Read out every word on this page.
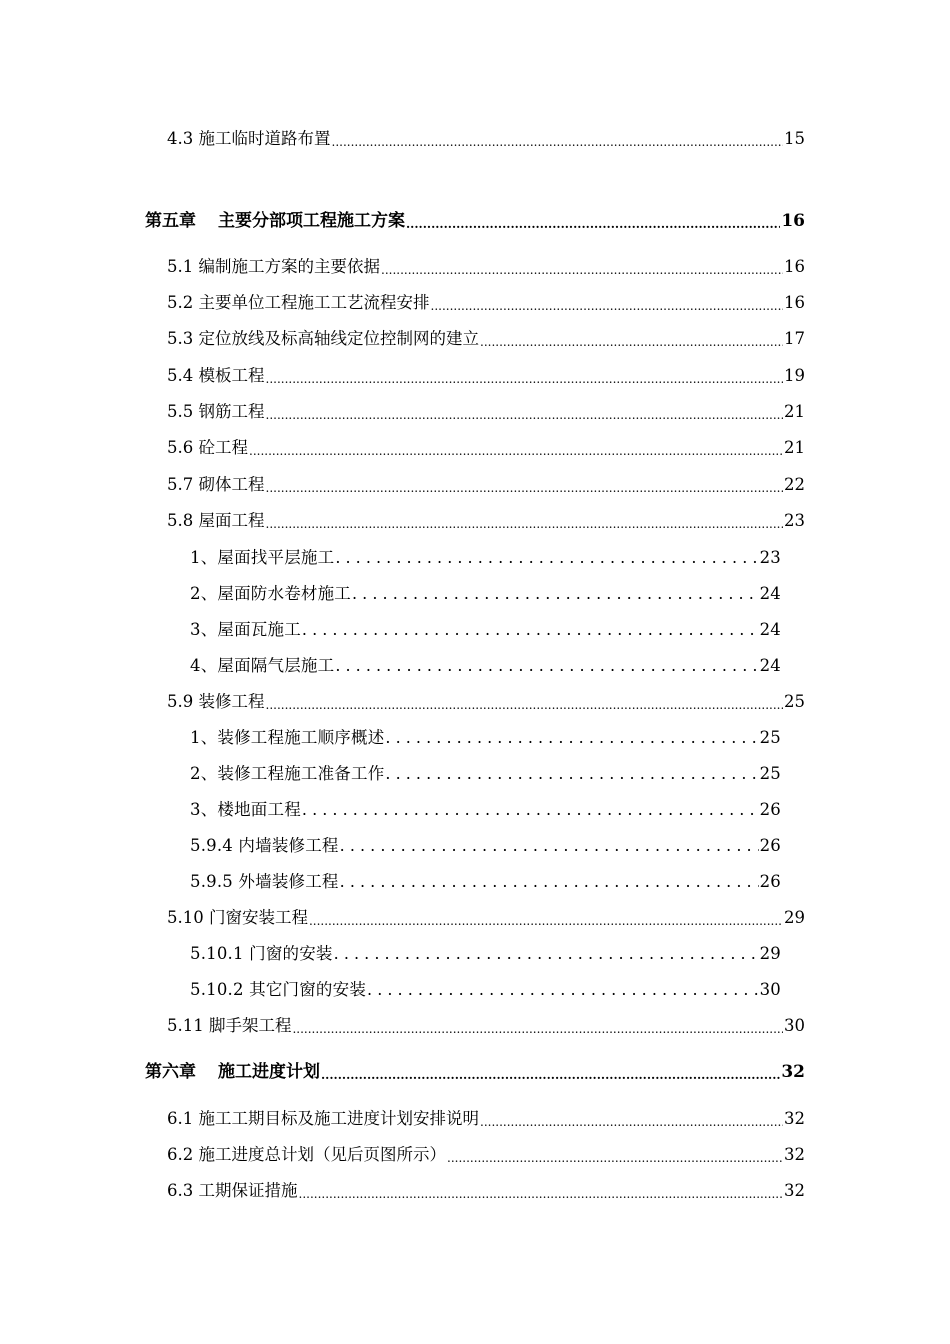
4.3 施工临时道路布置 .....	15
第五章 主要分部项工程施工方案 .....	16
5.1 编制施工方案的主要依据 .....	16
5.2 主要单位工程施工工艺流程安排 .....	16
5.3 定位放线及标高轴线定位控制网的建立 .....	17
5.4 模板工程 .....	19
5.5 钢筋工程 .....	21
5.6 砼工程 .....	21
5.7 砌体工程 .....	22
5.8 屋面工程 .....	23
1、屋面找平层施工 . . .	23
2、屋面防水卷材施工 . . .	24
3、屋面瓦施工 . . .	24
4、屋面隔气层施工 . . .	24
5.9 装修工程 .....	25
1、装修工程施工顺序概述 . . .	25
2、装修工程施工准备工作 . . .	25
3、楼地面工程 . . .	26
5.9.4 内墙装修工程 . . .	26
5.9.5 外墙装修工程 . . .	26
5.10 门窗安装工程 .....	29
5.10.1 门窗的安装 . . .	29
5.10.2 其它门窗的安装 . . .	30
5.11 脚手架工程 .....	30
第六章 施工进度计划 .....	32
6.1 施工工期目标及施工进度计划安排说明 .....	32
6.2 施工进度总计划（见后页图所示） .....	32
6.3 工期保证措施 .....	32
